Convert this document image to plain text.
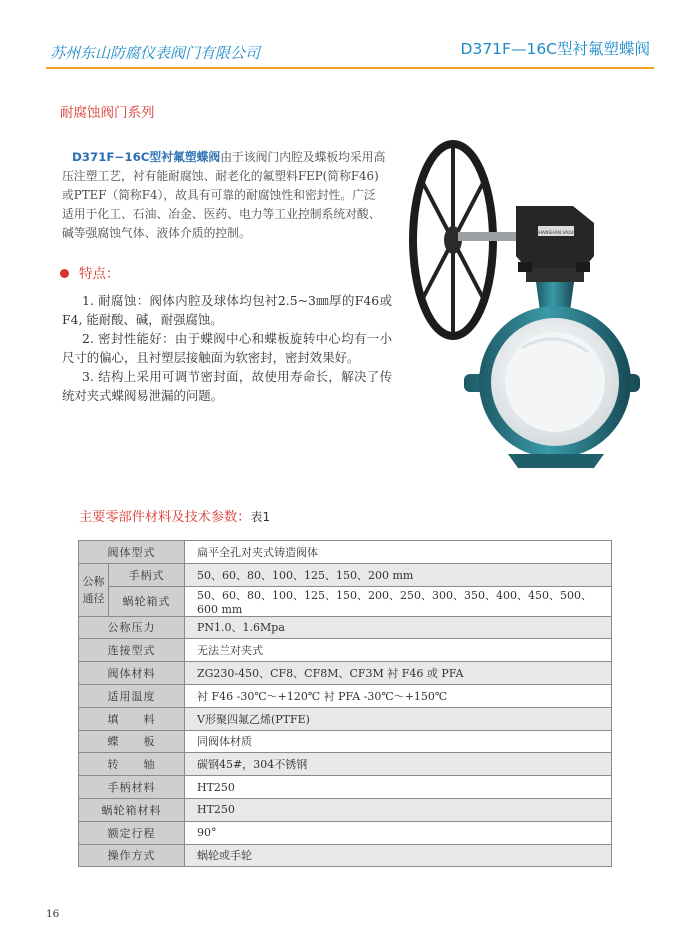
苏州东山防腐仪表阀门有限公司	D371F—16C型衬氟塑蝶阀
耐腐蚀阀门系列
D371F−16C型衬氟塑蝶阀由于该阀门内腔及蝶板均采用高压注塑工艺，衬有能耐腐蚀、耐老化的氟塑料FEP(简称F46)或PTEF（简称F4），故具有可靠的耐腐蚀性和密封性。广泛适用于化工、石油、冶金、医药、电力等工业控制系统对酸、碱等强腐蚀气体、液体介质的控制。
特点：

1. 耐腐蚀：阀体内腔及球体均包衬2.5~3㎜厚的F46或F4, 能耐酸、碱，耐强腐蚀。

2. 密封性能好：由于蝶阀中心和蝶板旋转中心均有一小尺寸的偏心，且衬塑层接触面为软密封，密封效果好。

3. 结构上采用可调节密封面，故使用寿命长，解决了传统对夹式蝶阀易泄漏的问题。

SHANSHAN VALVE
主要零部件材料及技术参数：表1
阀体型式		扁平全孔对夹式铸造阀体
公称
通径	手柄式	50、60、80、100、125、150、200 mm
	蜗轮箱式	50、60、80、100、125、150、200、250、300、350、400、450、500、600 mm
公称压力		PN1.0、1.6Mpa
连接型式		无法兰对夹式
阀体材料		ZG230-450、CF8、CF8M、CF3M 衬 F46 或 PFA
适用温度		衬 F46 -30℃～+120℃ 衬 PFA -30℃～+150℃
填　　料		V形聚四氟乙烯(PTFE)
蝶　　板		同阀体材质
转　　轴		碳钢45#，304不锈钢
手柄材料		HT250
蜗轮箱材料		HT250
额定行程		90°
操作方式		蜗轮或手轮
16
